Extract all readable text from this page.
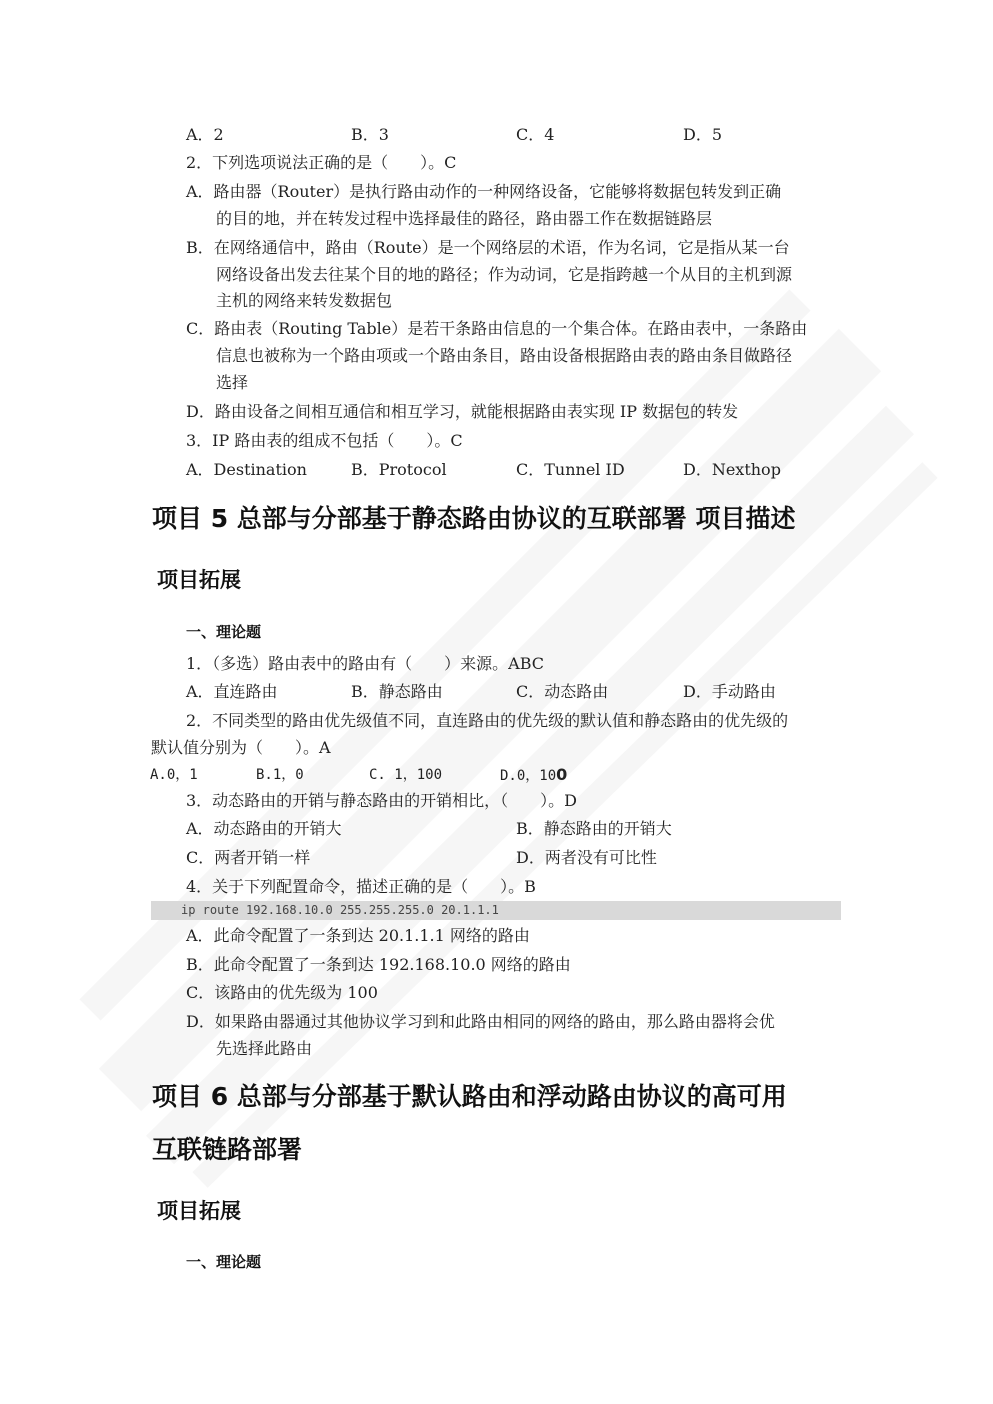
A．2	B．3	C．4	D．5
2．下列选项说法正确的是（　　）。C
A．路由器（Router）是执行路由动作的一种网络设备，它能够将数据包转发到正确
的目的地，并在转发过程中选择最佳的路径，路由器工作在数据链路层
B．在网络通信中，路由（Route）是一个网络层的术语，作为名词，它是指从某一台
网络设备出发去往某个目的地的路径；作为动词，它是指跨越一个从目的主机到源
主机的网络来转发数据包
C．路由表（Routing Table）是若干条路由信息的一个集合体。在路由表中，一条路由
信息也被称为一个路由项或一个路由条目，路由设备根据路由表的路由条目做路径
选择
D．路由设备之间相互通信和相互学习，就能根据路由表实现 IP 数据包的转发
3．IP 路由表的组成不包括（　　）。C
A．Destination	B．Protocol	C．Tunnel ID	D．Nexthop
项目 5 总部与分部基于静态路由协议的互联部署 项目描述
项目拓展
一、理论题
1．（多选）路由表中的路由有（　　）来源。ABC
A．直连路由	B．静态路由	C．动态路由	D．手动路由
2．不同类型的路由优先级值不同，直连路由的优先级的默认值和静态路由的优先级的
默认值分别为（　　）。A
A.0，1	B.1，0	C. 1，100	D.0，100
3．动态路由的开销与静态路由的开销相比，（　　）。D
A．动态路由的开销大	B．静态路由的开销大
C．两者开销一样	D．两者没有可比性
4．关于下列配置命令，描述正确的是（　　）。B
ip route 192.168.10.0 255.255.255.0 20.1.1.1
A．此命令配置了一条到达 20.1.1.1 网络的路由
B．此命令配置了一条到达 192.168.10.0 网络的路由
C．该路由的优先级为 100
D．如果路由器通过其他协议学习到和此路由相同的网络的路由，那么路由器将会优
先选择此路由
项目 6 总部与分部基于默认路由和浮动路由协议的高可用
互联链路部署
项目拓展
一、理论题
